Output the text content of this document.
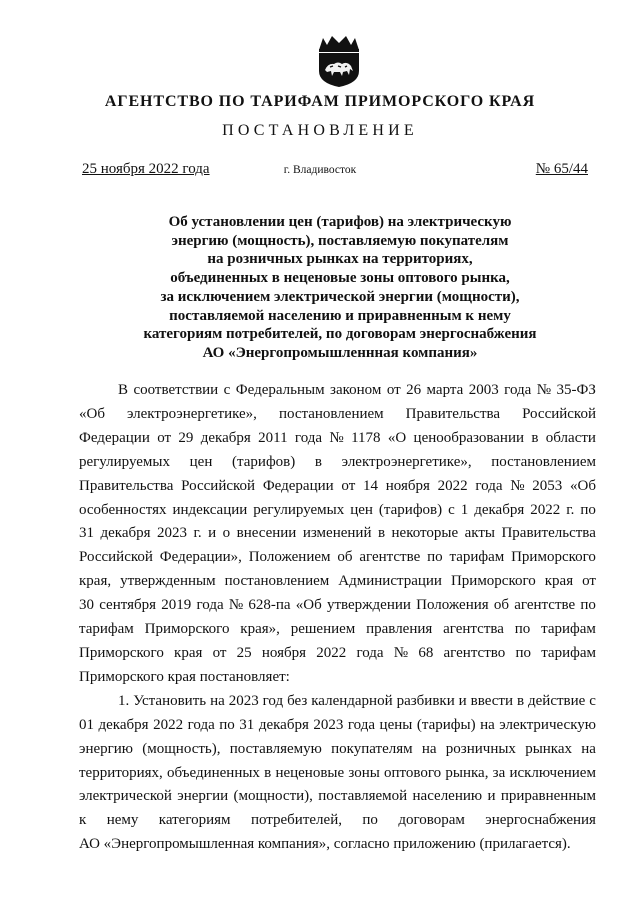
АГЕНТСТВО ПО ТАРИФАМ ПРИМОРСКОГО КРАЯ
ПОСТАНОВЛЕНИЕ
25 ноября 2022 года	г. Владивосток	№ 65/44
Об установлении цен (тарифов) на электрическую
энергию (мощность), поставляемую покупателям
на розничных рынках на территориях,
объединенных в неценовые зоны оптового рынка,
за исключением электрической энергии (мощности),
поставляемой населению и приравненным к нему
категориям потребителей, по договорам энергоснабжения
АО «Энергопромышленнная компания»
В соответствии с Федеральным законом от 26 марта 2003 года № 35-ФЗ
«Об электроэнергетике», постановлением Правительства Российской
Федерации от 29 декабря 2011 года № 1178 «О ценообразовании в области
регулируемых цен (тарифов) в электроэнергетике», постановлением
Правительства Российской Федерации от 14 ноября 2022 года № 2053 «Об
особенностях индексации регулируемых цен (тарифов) с 1 декабря 2022 г. по
31 декабря 2023 г. и о внесении изменений в некоторые акты Правительства
Российской Федерации», Положением об агентстве по тарифам Приморского
края, утвержденным постановлением Администрации Приморского края от
30 сентября 2019 года № 628-па «Об утверждении Положения об агентстве по
тарифам Приморского края», решением правления агентства по тарифам
Приморского края от 25 ноября 2022 года № 68 агентство по тарифам
Приморского края постановляет:
1. Установить на 2023 год без календарной разбивки и ввести в действие с
01 декабря 2022 года по 31 декабря 2023 года цены (тарифы) на электрическую
энергию (мощность), поставляемую покупателям на розничных рынках на
территориях, объединенных в неценовые зоны оптового рынка, за исключением
электрической энергии (мощности), поставляемой населению и приравненным
к нему категориям потребителей, по договорам энергоснабжения
АО «Энергопромышленная компания», согласно приложению (прилагается).
